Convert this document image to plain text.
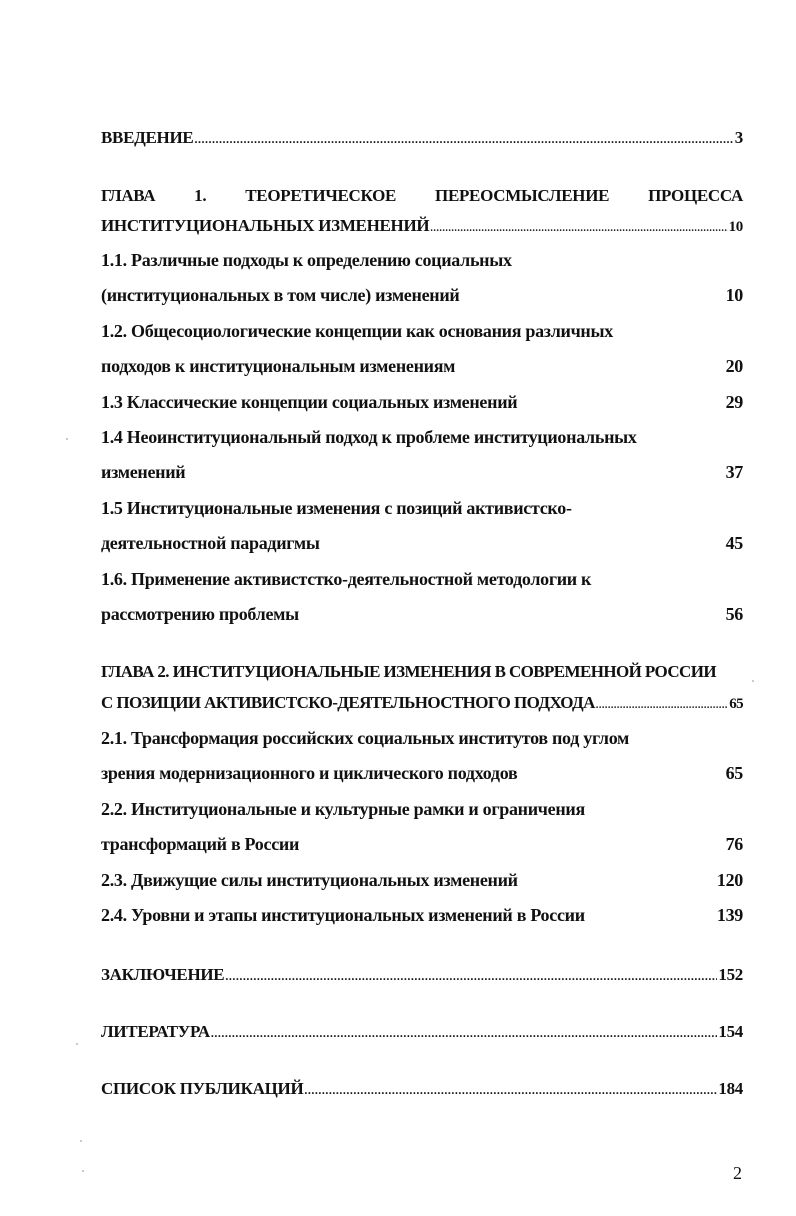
ВВЕДЕНИЕ .....	3
ГЛАВА 1. ТЕОРЕТИЧЕСКОЕ ПЕРЕОСМЫСЛЕНИЕ ПРОЦЕССА
ИНСТИТУЦИОНАЛЬНЫХ ИЗМЕНЕНИЙ .....	10
1.1. Различные подходы к определению социальных
(институциональных в том числе) изменений	10
1.2. Общесоциологические концепции как основания различных
подходов к институциональным изменениям	20
1.3 Классические концепции социальных изменений	29
1.4 Неоинституциональный подход к проблеме институциональных
изменений	37
1.5 Институциональные изменения с позиций активистско-
деятельностной парадигмы	45
1.6. Применение активистстко-деятельностной методологии к
рассмотрению проблемы	56
ГЛАВА 2. ИНСТИТУЦИОНАЛЬНЫЕ ИЗМЕНЕНИЯ В СОВРЕМЕННОЙ РОССИИ
С ПОЗИЦИИ АКТИВИСТСКО-ДЕЯТЕЛЬНОСТНОГО ПОДХОДА .....	65
2.1. Трансформация российских социальных институтов под углом
зрения модернизационного и циклического подходов	65
2.2. Институциональные и культурные рамки и ограничения
трансформаций в России	76
2.3. Движущие силы институциональных изменений	120
2.4. Уровни и этапы институциональных изменений в России	139
ЗАКЛЮЧЕНИЕ .....	152
ЛИТЕРАТУРА .....	154
СПИСОК ПУБЛИКАЦИЙ .....	184
2
